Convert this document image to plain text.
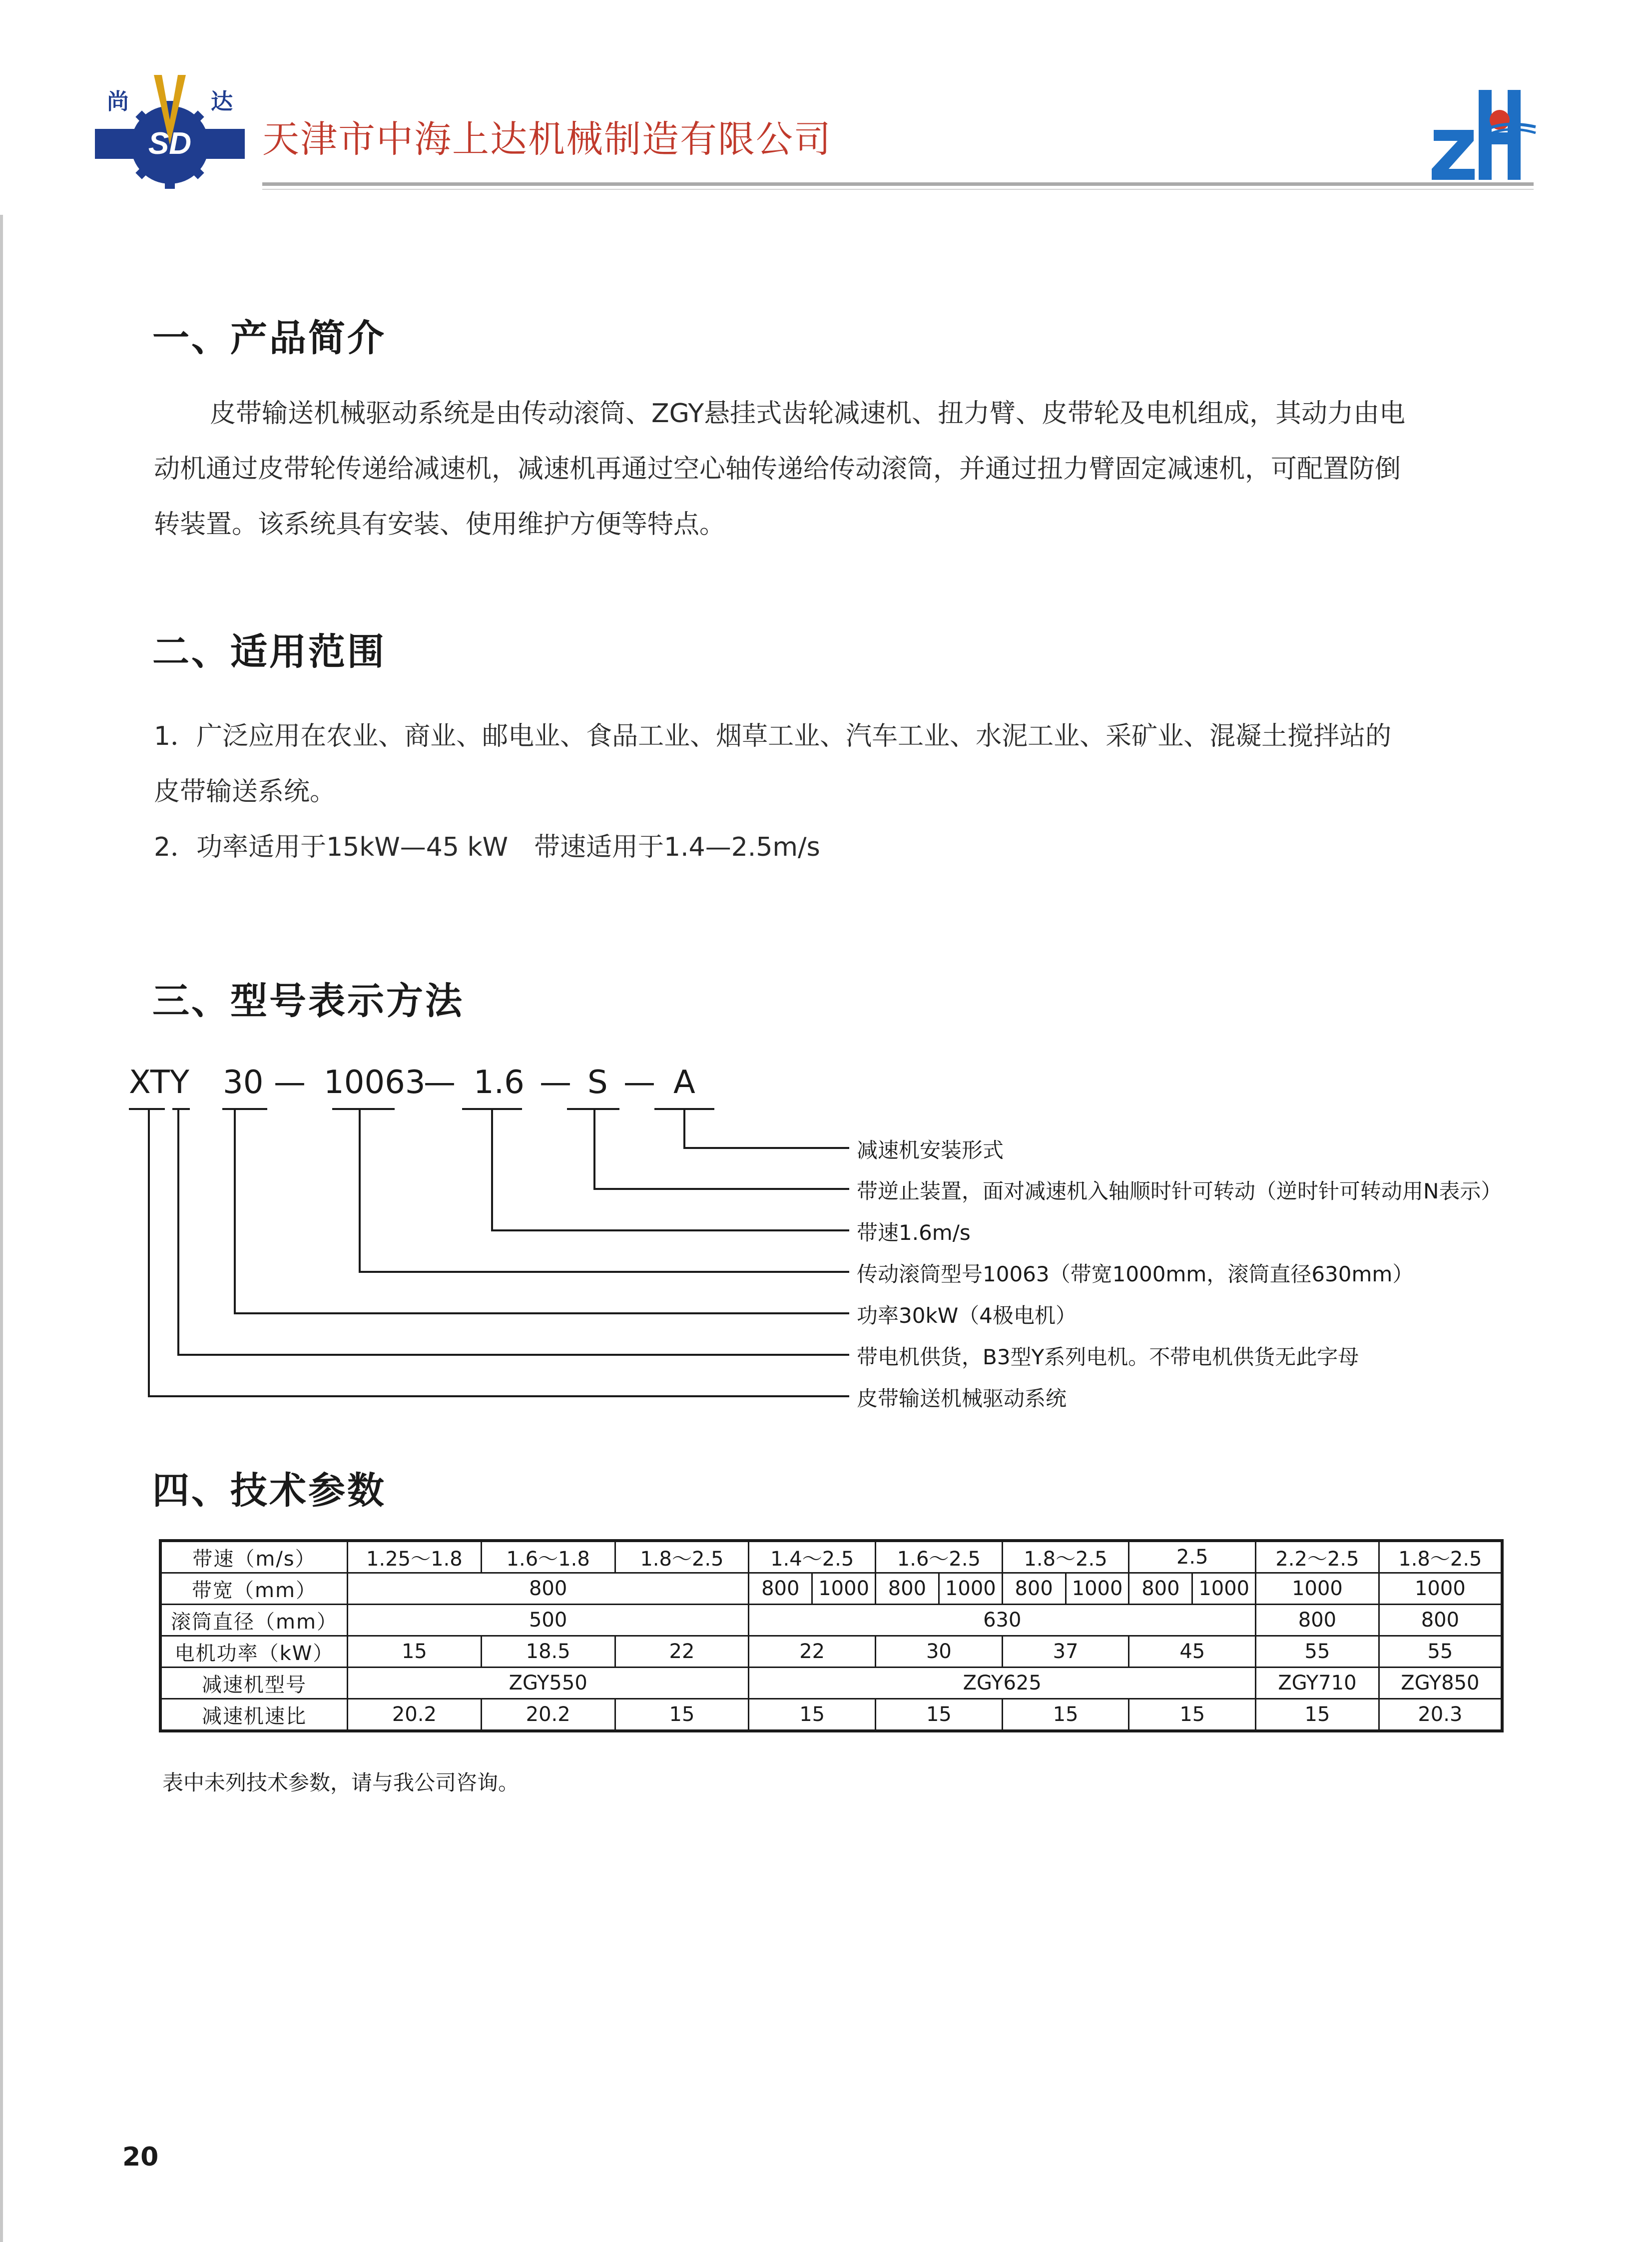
SD
尚	达
天津市中海上达机械制造有限公司
一、产品简介
皮带输送机械驱动系统是由传动滚筒、ZGY悬挂式齿轮减速机、扭力臂、皮带轮及电机组成，其动力由电
动机通过皮带轮传递给减速机，减速机再通过空心轴传递给传动滚筒，并通过扭力臂固定减速机，可配置防倒
转装置。该系统具有安装、使用维护方便等特点。
二、适用范围
1．广泛应用在农业、商业、邮电业、食品工业、烟草工业、汽车工业、水泥工业、采矿业、混凝土搅拌站的
皮带输送系统。
2．功率适用于15kW—45 kW　带速适用于1.4—2.5m/s
三、型号表示方法
XTY 30 — 10063
— 1.6 — S — A
减速机安装形式
带逆止装置，面对减速机入轴顺时针可转动（逆时针可转动用N表示）
带速1.6m/s
传动滚筒型号10063（带宽1000mm，滚筒直径630mm）
功率30kW（4极电机）
带电机供货，B3型Y系列电机。不带电机供货无此字母
皮带输送机械驱动系统
四、技术参数
带速（m/s）	1.25～1.8	1.6～1.8	1.8～2.5	1.4～2.5		1.6～2.5		1.8～2.5		2.5		2.2～2.5	1.8～2.5
带宽（mm）	800			800	1000	800	1000	800	1000	800	1000	1000	1000
滚筒直径（mm）	500			630								800	800
电机功率（kW）	15	18.5	22	22		30		37		45		55	55
减速机型号	ZGY550			ZGY625								ZGY710	ZGY850
减速机速比	20.2	20.2	15	15		15		15		15		15	20.3
表中未列技术参数，请与我公司咨询。
20
